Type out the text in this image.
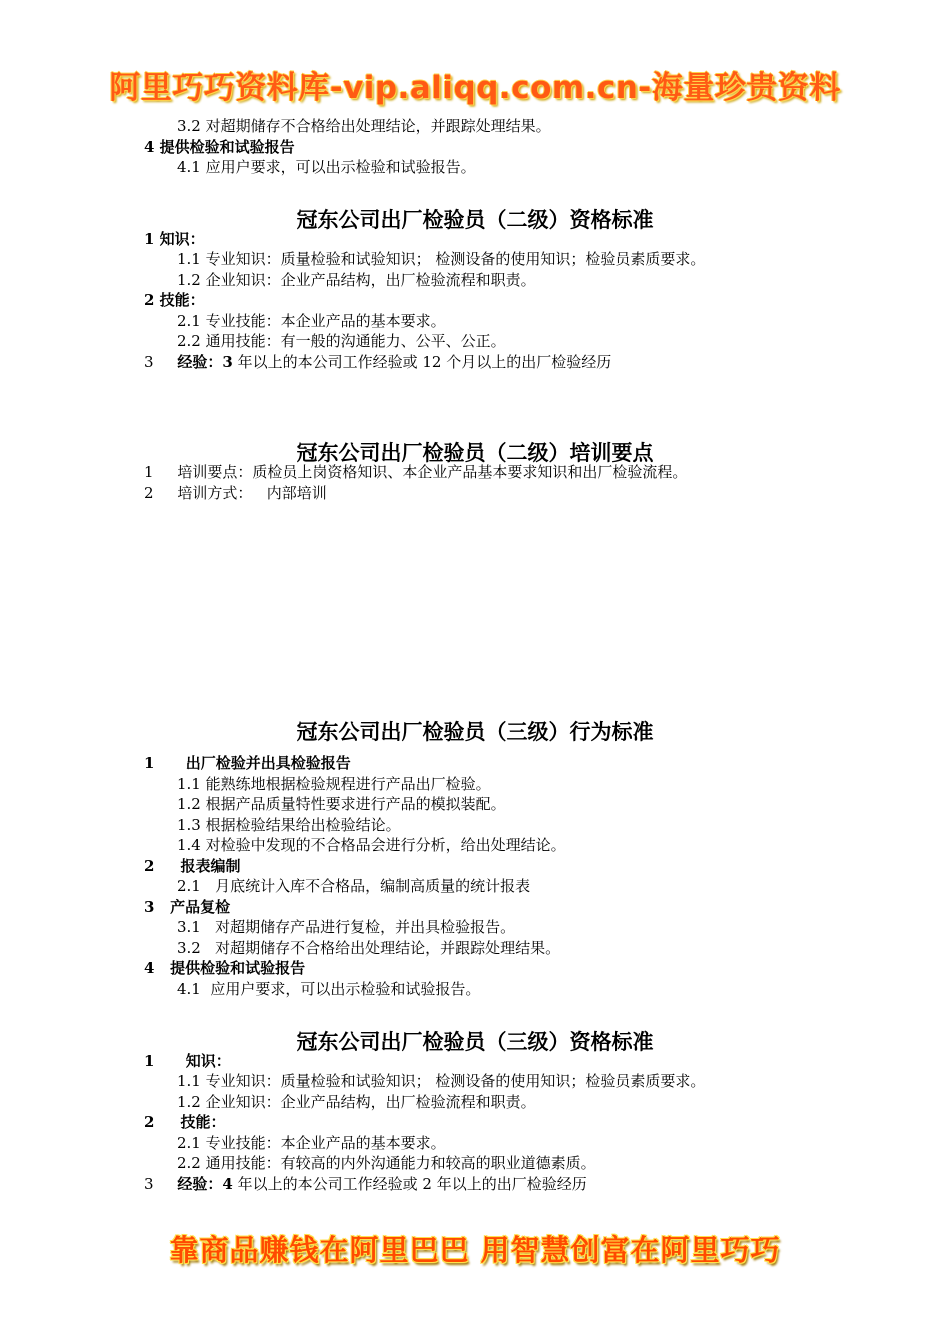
阿里巧巧资料库-vip.aliqq.com.cn-海量珍贵资料
3.2 对超期储存不合格给出处理结论，并跟踪处理结果。
4 提供检验和试验报告
4.1 应用户要求，可以出示检验和试验报告。
冠东公司出厂检验员（二级）资格标准
1 知识：
1.1 专业知识：质量检验和试验知识； 检测设备的使用知识；检验员素质要求。
1.2 企业知识：企业产品结构，出厂检验流程和职责。
2 技能：
2.1 专业技能：本企业产品的基本要求。
2.2 通用技能：有一般的沟通能力、公平、公正。
3     经验：3 年以上的本公司工作经验或 12 个月以上的出厂检验经历
冠东公司出厂检验员（二级）培训要点
1     培训要点：质检员上岗资格知识、本企业产品基本要求知识和出厂检验流程。
2     培训方式：   内部培训
冠东公司出厂检验员（三级）行为标准
1      出厂检验并出具检验报告
1.1 能熟练地根据检验规程进行产品出厂检验。
1.2 根据产品质量特性要求进行产品的模拟装配。
1.3 根据检验结果给出检验结论。
1.4 对检验中发现的不合格品会进行分析，给出处理结论。
2     报表编制
2.1   月底统计入库不合格品，编制高质量的统计报表
3   产品复检
3.1   对超期储存产品进行复检，并出具检验报告。
3.2   对超期储存不合格给出处理结论，并跟踪处理结果。
4   提供检验和试验报告
4.1  应用户要求，可以出示检验和试验报告。
冠东公司出厂检验员（三级）资格标准
1      知识：
1.1 专业知识：质量检验和试验知识； 检测设备的使用知识；检验员素质要求。
1.2 企业知识：企业产品结构，出厂检验流程和职责。
2     技能：
2.1 专业技能：本企业产品的基本要求。
2.2 通用技能：有较高的内外沟通能力和较高的职业道德素质。
3     经验：4 年以上的本公司工作经验或 2 年以上的出厂检验经历
靠商品赚钱在阿里巴巴 用智慧创富在阿里巧巧
